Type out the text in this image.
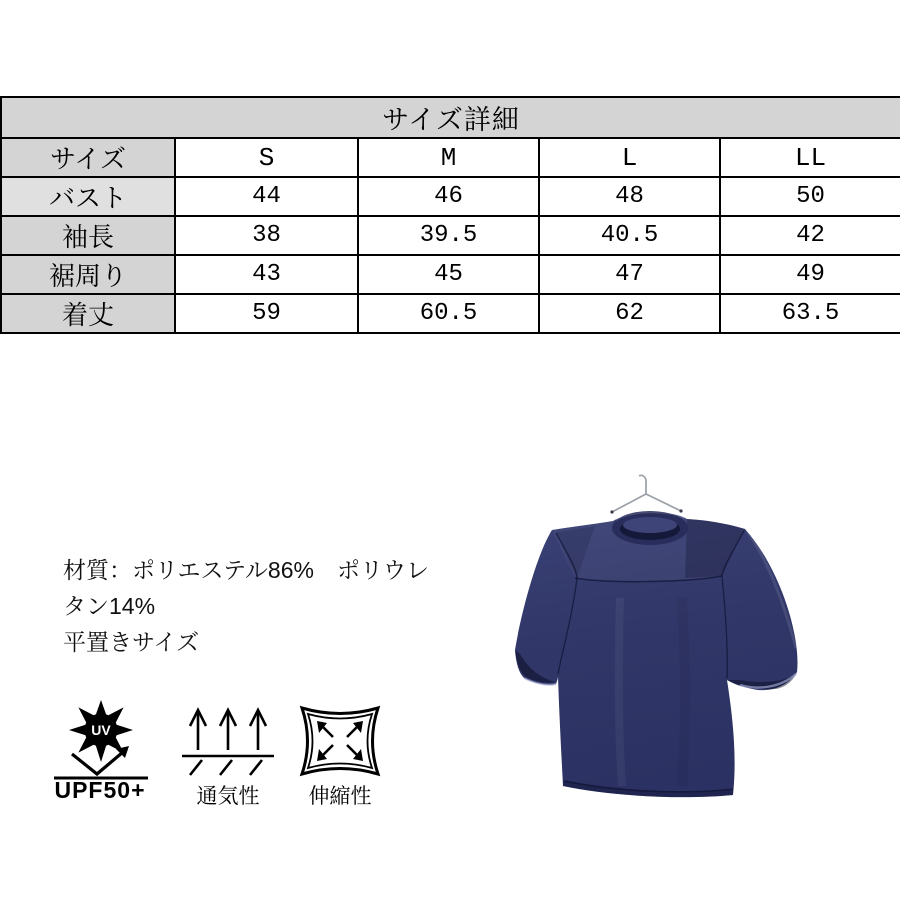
サイズ詳細				
サイズ	S	M	L	LL
バスト	44	46	48	50
袖長	38	39.5	40.5	42
裾周り	43	45	47	49
着丈	59	60.5	62	63.5
材質：ポリエステル86%　ポリウレ
タン14%
平置きサイズ
UV
UPF50+	通気性	伸縮性
